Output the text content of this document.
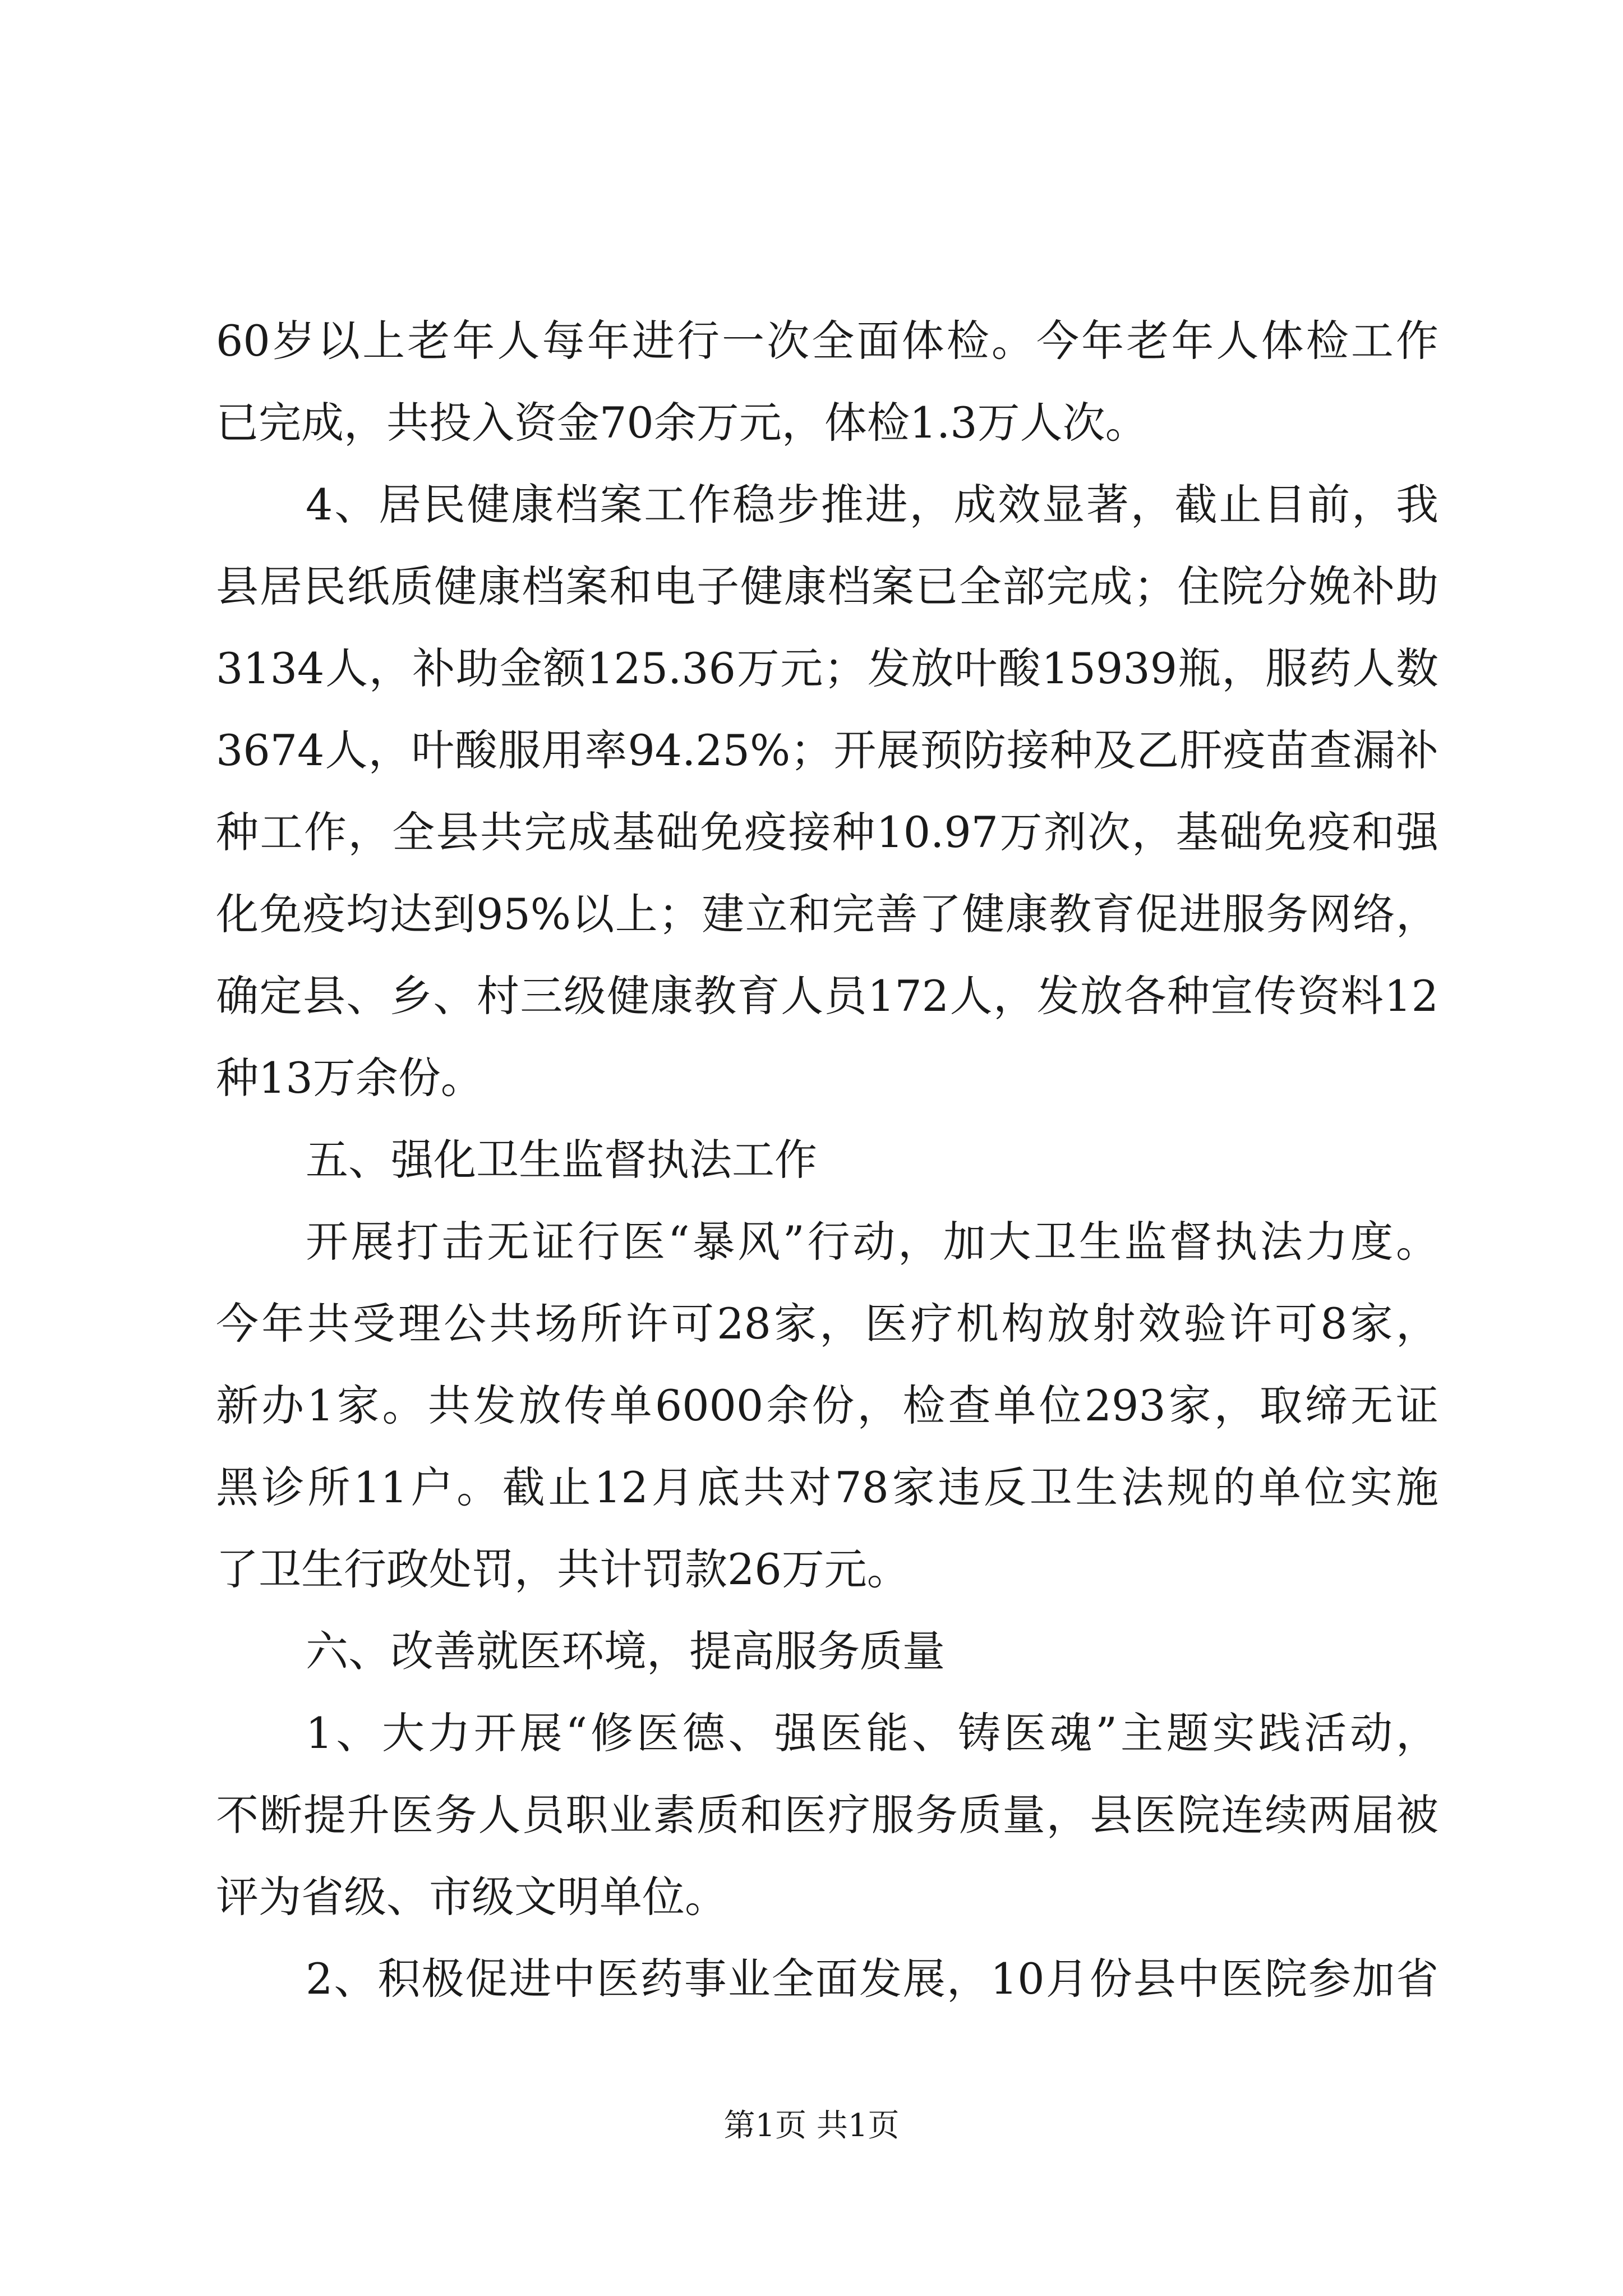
60岁以上老年人每年进行一次全面体检。今年老年人体检工作
已完成，共投入资金70余万元，体检1.3万人次。
4、居民健康档案工作稳步推进，成效显著，截止目前，我
县居民纸质健康档案和电子健康档案已全部完成；住院分娩补助
3134人，补助金额125.36万元；发放叶酸15939瓶，服药人数
3674人，叶酸服用率94.25%；开展预防接种及乙肝疫苗查漏补
种工作，全县共完成基础免疫接种10.97万剂次，基础免疫和强
化免疫均达到95%以上；建立和完善了健康教育促进服务网络，
确定县、乡、村三级健康教育人员172人，发放各种宣传资料12
种13万余份。
五、强化卫生监督执法工作
开展打击无证行医“暴风”行动，加大卫生监督执法力度。
今年共受理公共场所许可28家，医疗机构放射效验许可8家，
新办1家。共发放传单6000余份，检查单位293家，取缔无证
黑诊所11户。截止12月底共对78家违反卫生法规的单位实施
了卫生行政处罚，共计罚款26万元。
六、改善就医环境，提高服务质量
1、大力开展“修医德、强医能、铸医魂”主题实践活动，
不断提升医务人员职业素质和医疗服务质量，县医院连续两届被
评为省级、市级文明单位。
2、积极促进中医药事业全面发展，10月份县中医院参加省
第1页 共1页
